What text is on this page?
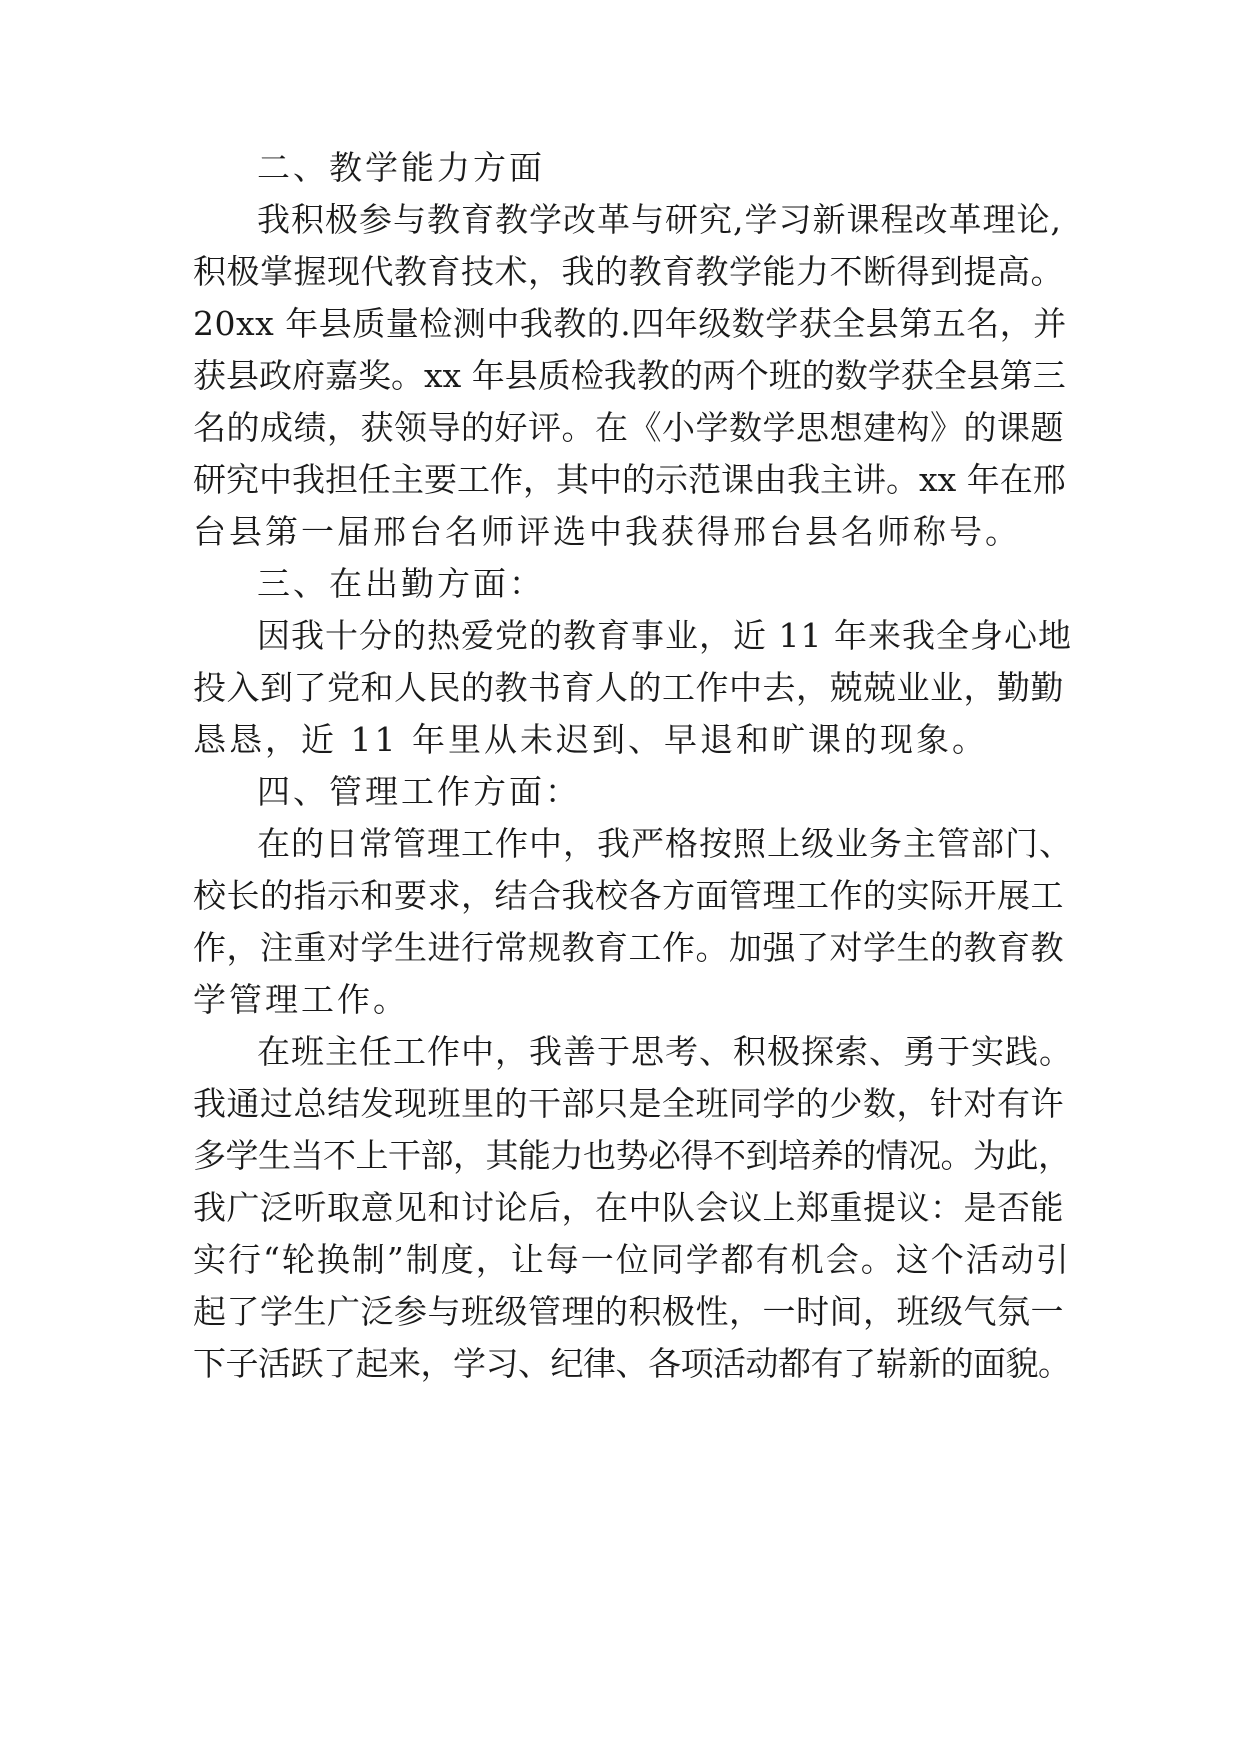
二、教学能力方面
我积极参与教育教学改革与研究,学习新课程改革理论,
积极掌握现代教育技术，我的教育教学能力不断得到提高。
20xx 年县质量检测中我教的.四年级数学获全县第五名，并
获县政府嘉奖。xx 年县质检我教的两个班的数学获全县第三
名的成绩，获领导的好评。在《小学数学思想建构》的课题
研究中我担任主要工作，其中的示范课由我主讲。xx 年在邢
台县第一届邢台名师评选中我获得邢台县名师称号。
三、在出勤方面：
因我十分的热爱党的教育事业，近 11 年来我全身心地
投入到了党和人民的教书育人的工作中去，兢兢业业，勤勤
恳恳，近 11 年里从未迟到、早退和旷课的现象。
四、管理工作方面：
在的日常管理工作中，我严格按照上级业务主管部门、
校长的指示和要求，结合我校各方面管理工作的实际开展工
作，注重对学生进行常规教育工作。加强了对学生的教育教
学管理工作。
在班主任工作中，我善于思考、积极探索、勇于实践。
我通过总结发现班里的干部只是全班同学的少数，针对有许
多学生当不上干部，其能力也势必得不到培养的情况。为此，
我广泛听取意见和讨论后，在中队会议上郑重提议：是否能
实行“轮换制”制度，让每一位同学都有机会。这个活动引
起了学生广泛参与班级管理的积极性，一时间，班级气氛一
下子活跃了起来，学习、纪律、各项活动都有了崭新的面貌。
